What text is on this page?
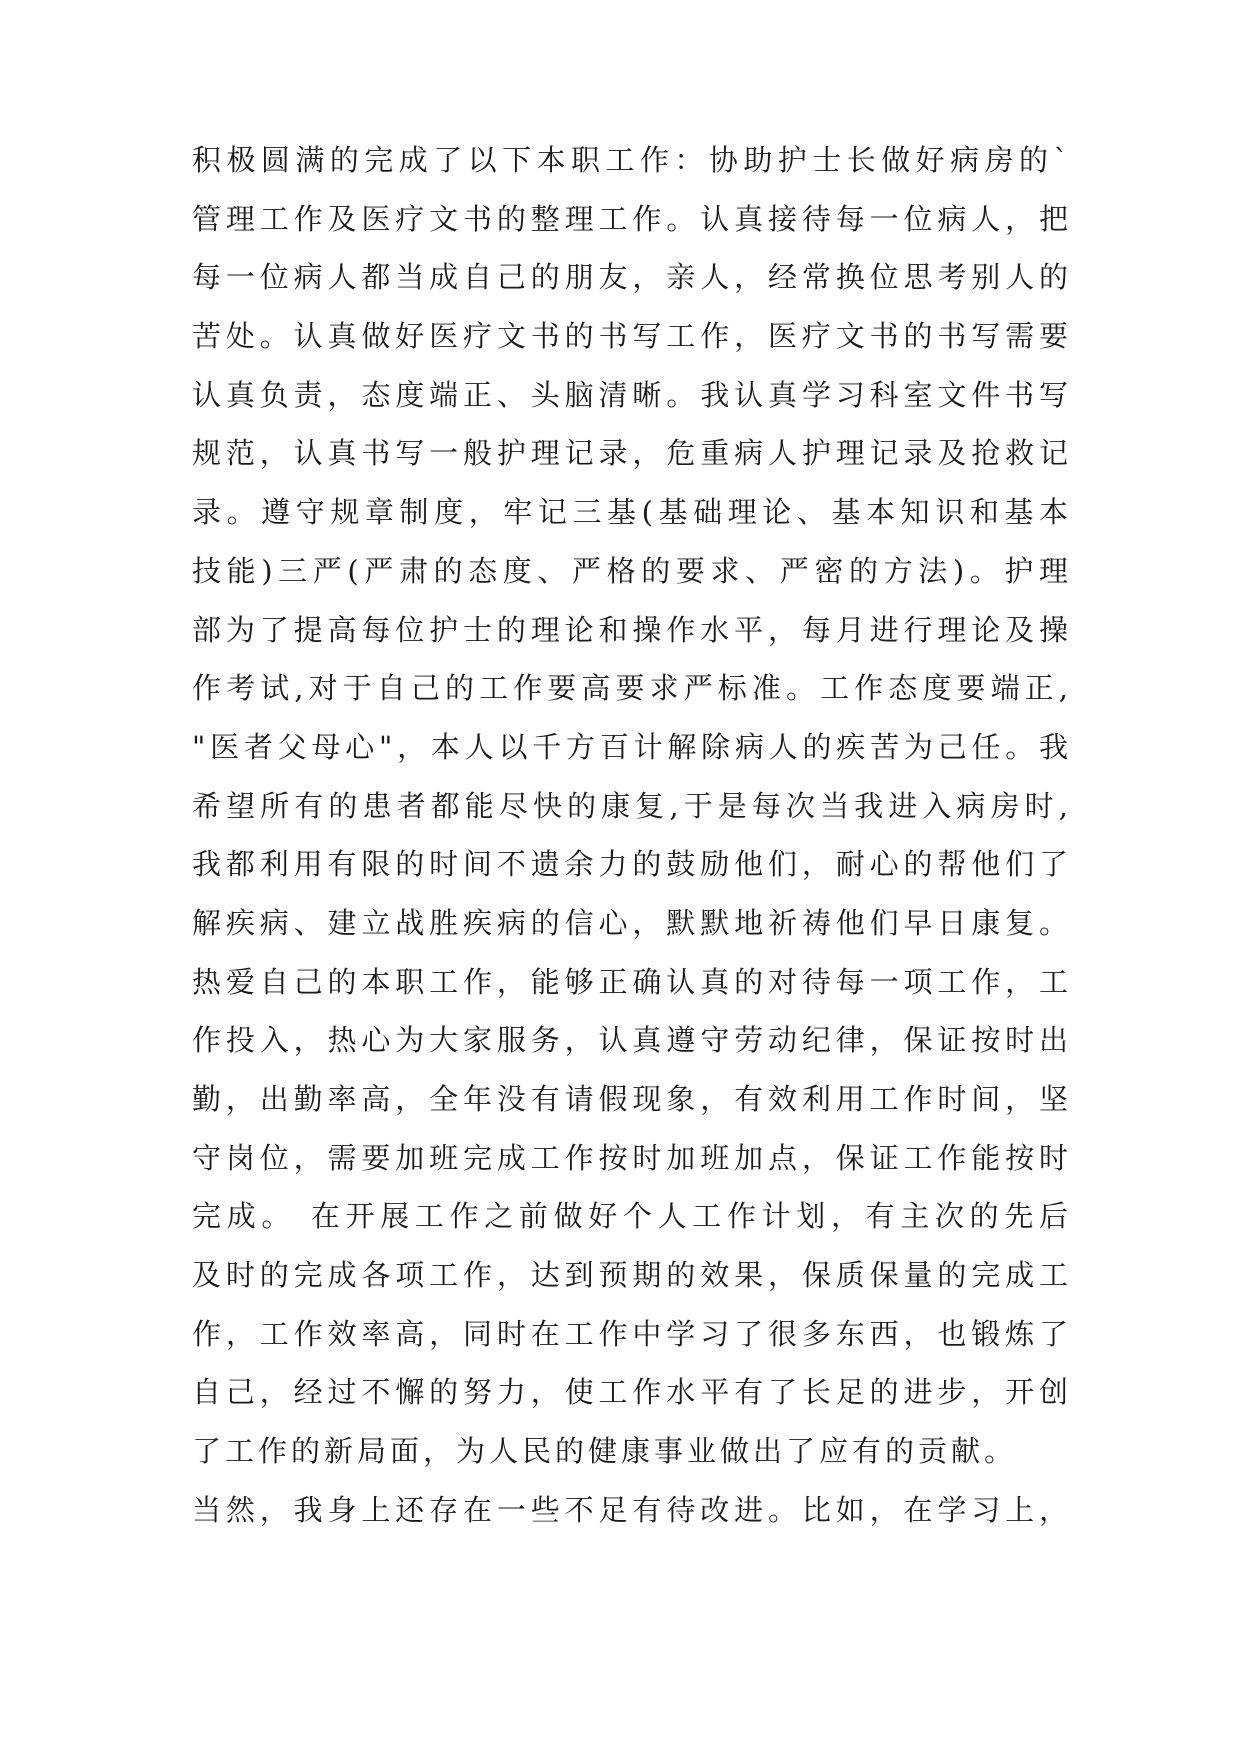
积极圆满的完成了以下本职工作：协助护士长做好病房的`
管理工作及医疗文书的整理工作。认真接待每一位病人，把
每一位病人都当成自己的朋友，亲人，经常换位思考别人的
苦处。认真做好医疗文书的书写工作，医疗文书的书写需要
认真负责，态度端正、头脑清晰。我认真学习科室文件书写
规范，认真书写一般护理记录，危重病人护理记录及抢救记
录。遵守规章制度，牢记三基(基础理论、基本知识和基本
技能)三严(严肃的态度、严格的要求、严密的方法)。护理
部为了提高每位护士的理论和操作水平，每月进行理论及操
作考试,对于自己的工作要高要求严标准。工作态度要端正,
"医者父母心"，本人以千方百计解除病人的疾苦为己任。我
希望所有的患者都能尽快的康复,于是每次当我进入病房时,
我都利用有限的时间不遗余力的鼓励他们，耐心的帮他们了
解疾病、建立战胜疾病的信心，默默地祈祷他们早日康复。
热爱自己的本职工作，能够正确认真的对待每一项工作，工
作投入，热心为大家服务，认真遵守劳动纪律，保证按时出
勤，出勤率高，全年没有请假现象，有效利用工作时间，坚
守岗位，需要加班完成工作按时加班加点，保证工作能按时
完成。 在开展工作之前做好个人工作计划，有主次的先后
及时的完成各项工作，达到预期的效果，保质保量的完成工
作，工作效率高，同时在工作中学习了很多东西，也锻炼了
自己，经过不懈的努力，使工作水平有了长足的进步，开创
了工作的新局面，为人民的健康事业做出了应有的贡献。
当然，我身上还存在一些不足有待改进。比如，在学习上，
